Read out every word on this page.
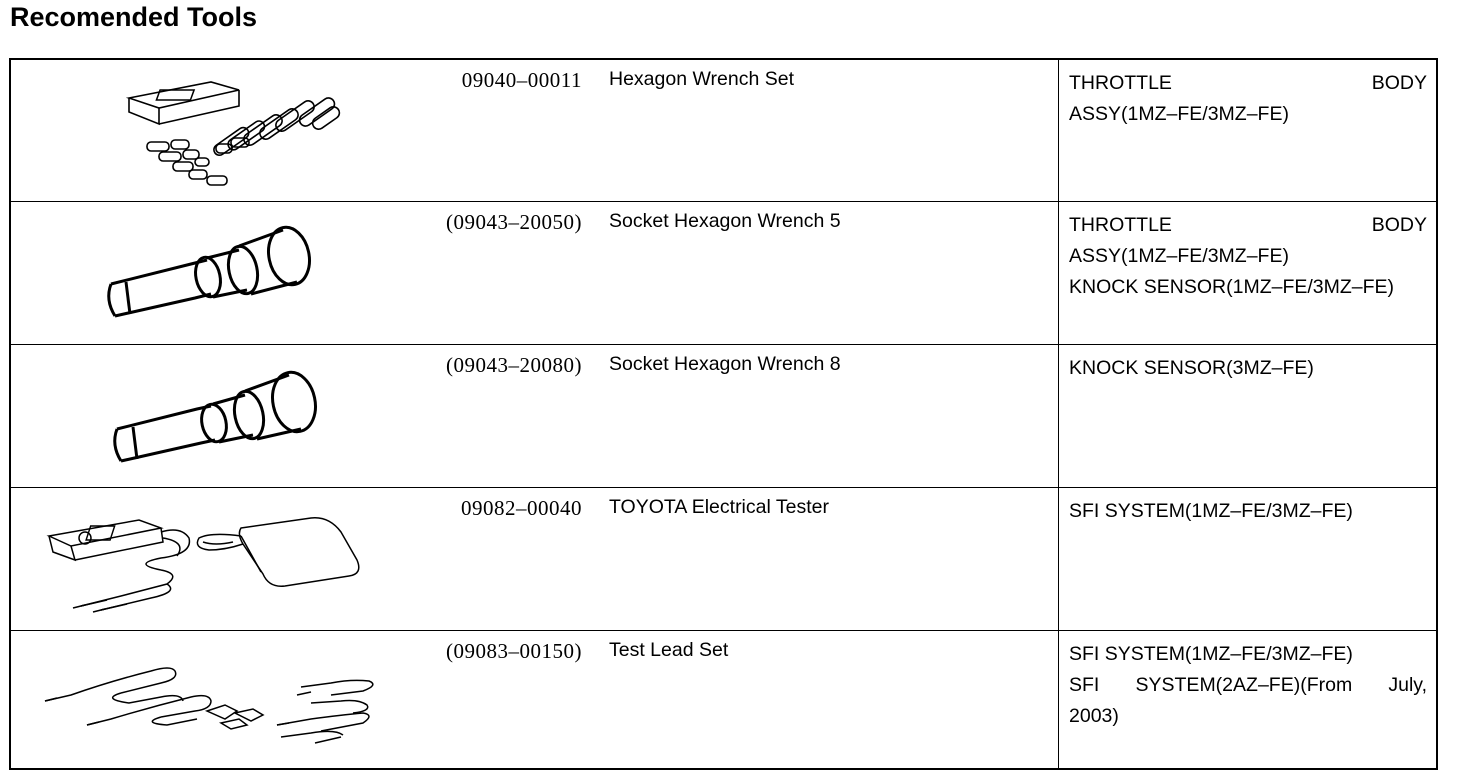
Recomended Tools
09040–00011 Hexagon Wrench Set	THROTTLE BODY
ASSY(1MZ–FE/3MZ–FE)
(09043–20050) Socket Hexagon Wrench 5	THROTTLE BODY
ASSY(1MZ–FE/3MZ–FE)
KNOCK SENSOR(1MZ–FE/3MZ–FE)
(09043–20080) Socket Hexagon Wrench 8	KNOCK SENSOR(3MZ–FE)
09082–00040 TOYOTA Electrical Tester	SFI SYSTEM(1MZ–FE/3MZ–FE)
(09083–00150) Test Lead Set	SFI SYSTEM(1MZ–FE/3MZ–FE)
SFI SYSTEM(2AZ–FE)(From July,
2003)
